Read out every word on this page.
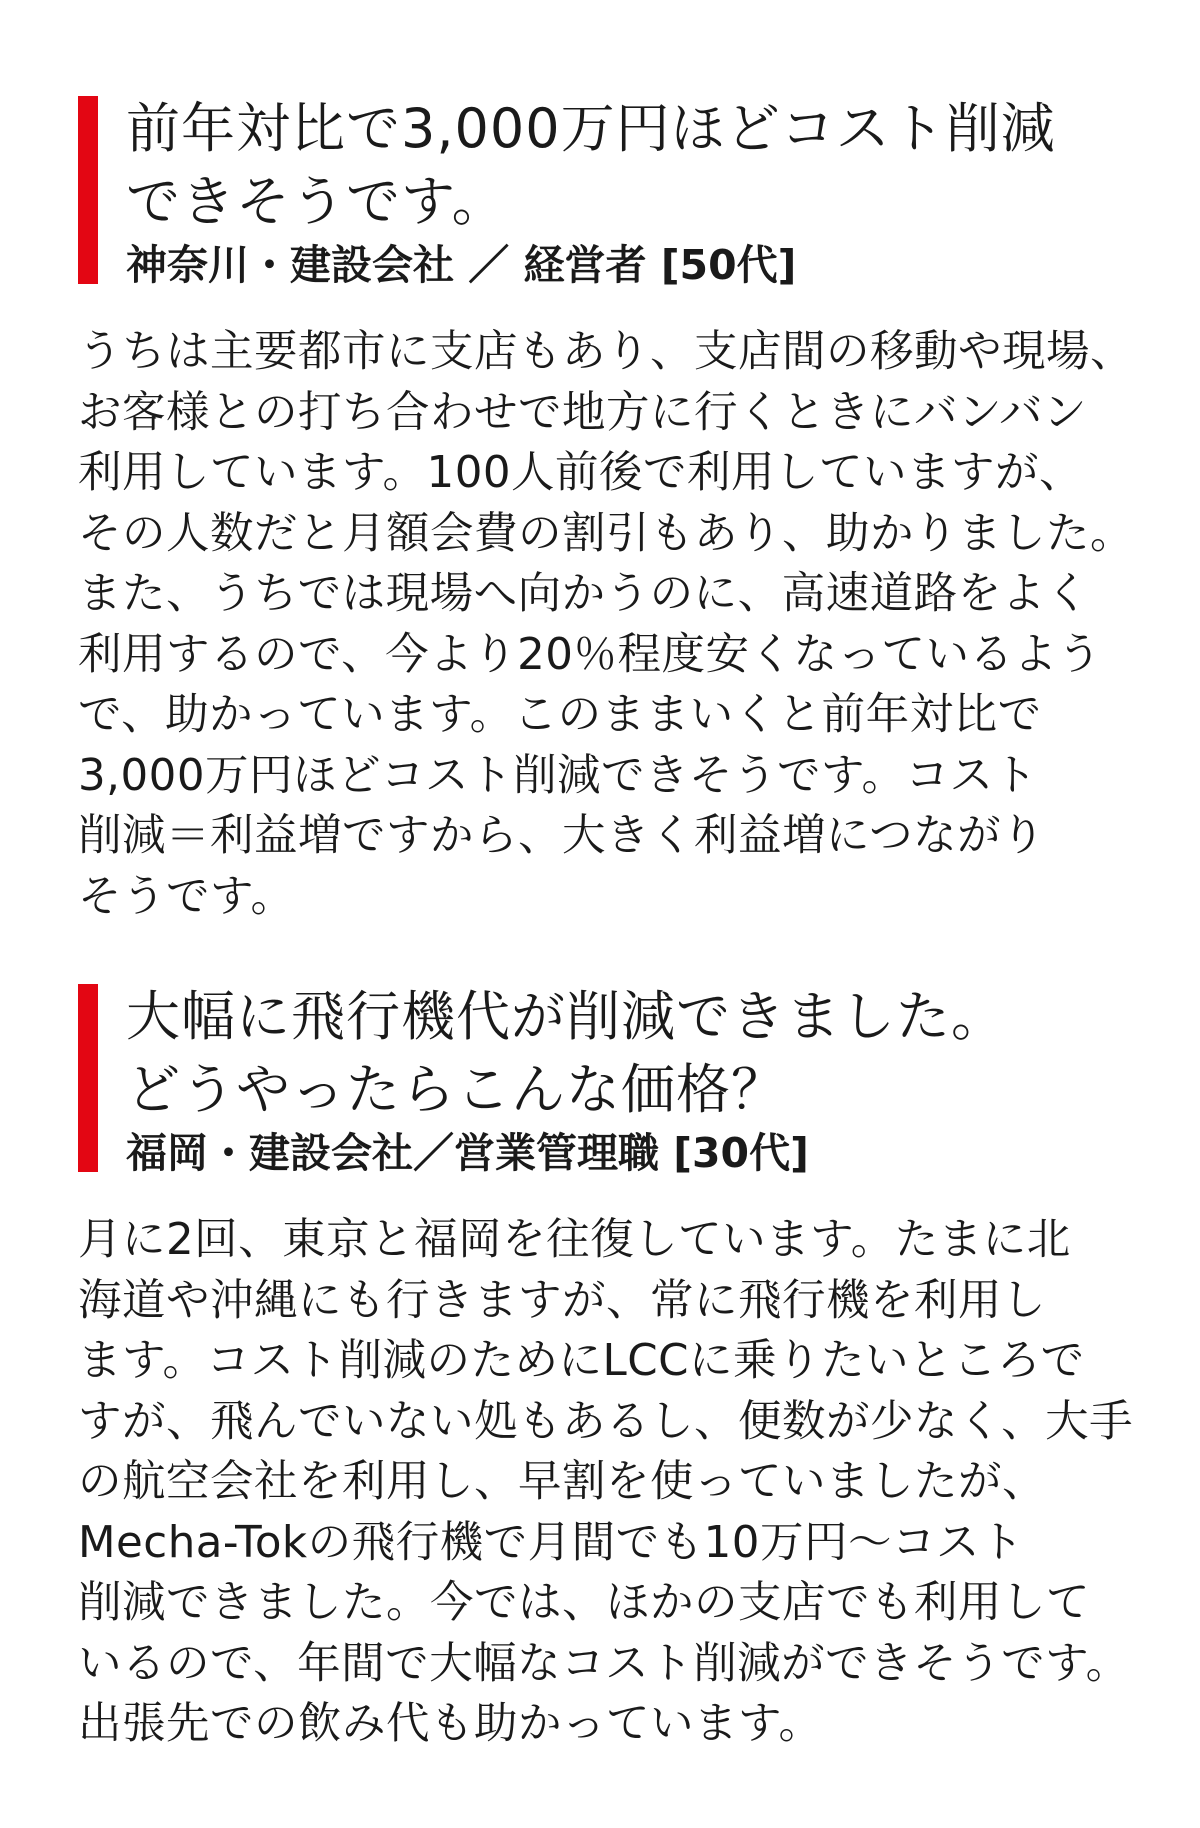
前年対比で3,000万円ほどコスト削減
できそうです。

神奈川・建設会社 ／ 経営者 [50代]

うちは主要都市に支店もあり、支店間の移動や現場、
お客様との打ち合わせで地方に行くときにバンバン
利用しています。100人前後で利用していますが、
その人数だと月額会費の割引もあり、助かりました。
また、うちでは現場へ向かうのに、高速道路をよく
利用するので、今より20％程度安くなっているよう
で、助かっています。このままいくと前年対比で
3,000万円ほどコスト削減できそうです。コスト
削減＝利益増ですから、大きく利益増につながり
そうです。
大幅に飛行機代が削減できました。
どうやったらこんな価格？

福岡・建設会社／営業管理職 [30代]

月に2回、東京と福岡を往復しています。たまに北
海道や沖縄にも行きますが、常に飛行機を利用し
ます。コスト削減のためにLCCに乗りたいところで
すが、飛んでいない処もあるし、便数が少なく、大手
の航空会社を利用し、早割を使っていましたが、
Mecha-Tokの飛行機で月間でも10万円〜コスト
削減できました。今では、ほかの支店でも利用して
いるので、年間で大幅なコスト削減ができそうです。
出張先での飲み代も助かっています。
